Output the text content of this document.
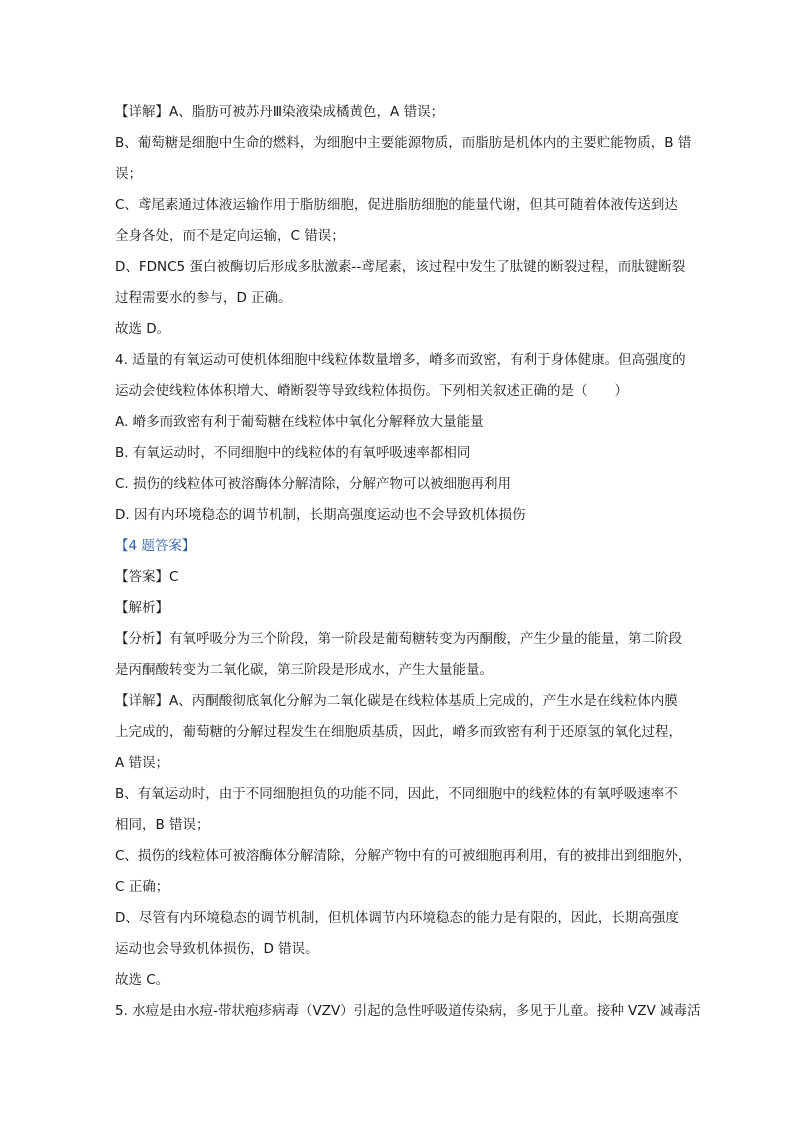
【详解】A、脂肪可被苏丹Ⅲ染液染成橘黄色，A 错误；
B、葡萄糖是细胞中生命的燃料，为细胞中主要能源物质，而脂肪是机体内的主要贮能物质，B 错
误；
C、鸢尾素通过体液运输作用于脂肪细胞，促进脂肪细胞的能量代谢，但其可随着体液传送到达
全身各处，而不是定向运输，C 错误；
D、FDNC5 蛋白被酶切后形成多肽激素--鸢尾素，该过程中发生了肽键的断裂过程，而肽键断裂
过程需要水的参与，D 正确。
故选 D。
4. 适量的有氧运动可使机体细胞中线粒体数量增多，嵴多而致密，有利于身体健康。但高强度的
运动会使线粒体体积增大、嵴断裂等导致线粒体损伤。下列相关叙述正确的是（　　）
A. 嵴多而致密有利于葡萄糖在线粒体中氧化分解释放大量能量
B. 有氧运动时，不同细胞中的线粒体的有氧呼吸速率都相同
C. 损伤的线粒体可被溶酶体分解清除，分解产物可以被细胞再利用
D. 因有内环境稳态的调节机制，长期高强度运动也不会导致机体损伤
【4 题答案】
【答案】C
【解析】
【分析】有氧呼吸分为三个阶段，第一阶段是葡萄糖转变为丙酮酸，产生少量的能量，第二阶段
是丙酮酸转变为二氧化碳，第三阶段是形成水，产生大量能量。
【详解】A、丙酮酸彻底氧化分解为二氧化碳是在线粒体基质上完成的，产生水是在线粒体内膜
上完成的，葡萄糖的分解过程发生在细胞质基质，因此，嵴多而致密有利于还原氢的氧化过程，
A 错误；
B、有氧运动时，由于不同细胞担负的功能不同，因此，不同细胞中的线粒体的有氧呼吸速率不
相同，B 错误；
C、损伤的线粒体可被溶酶体分解清除，分解产物中有的可被细胞再利用，有的被排出到细胞外，
C 正确；
D、尽管有内环境稳态的调节机制，但机体调节内环境稳态的能力是有限的，因此，长期高强度
运动也会导致机体损伤，D 错误。
故选 C。
5. 水痘是由水痘-带状疱疹病毒（VZV）引起的急性呼吸道传染病，多见于儿童。接种 VZV 减毒活
